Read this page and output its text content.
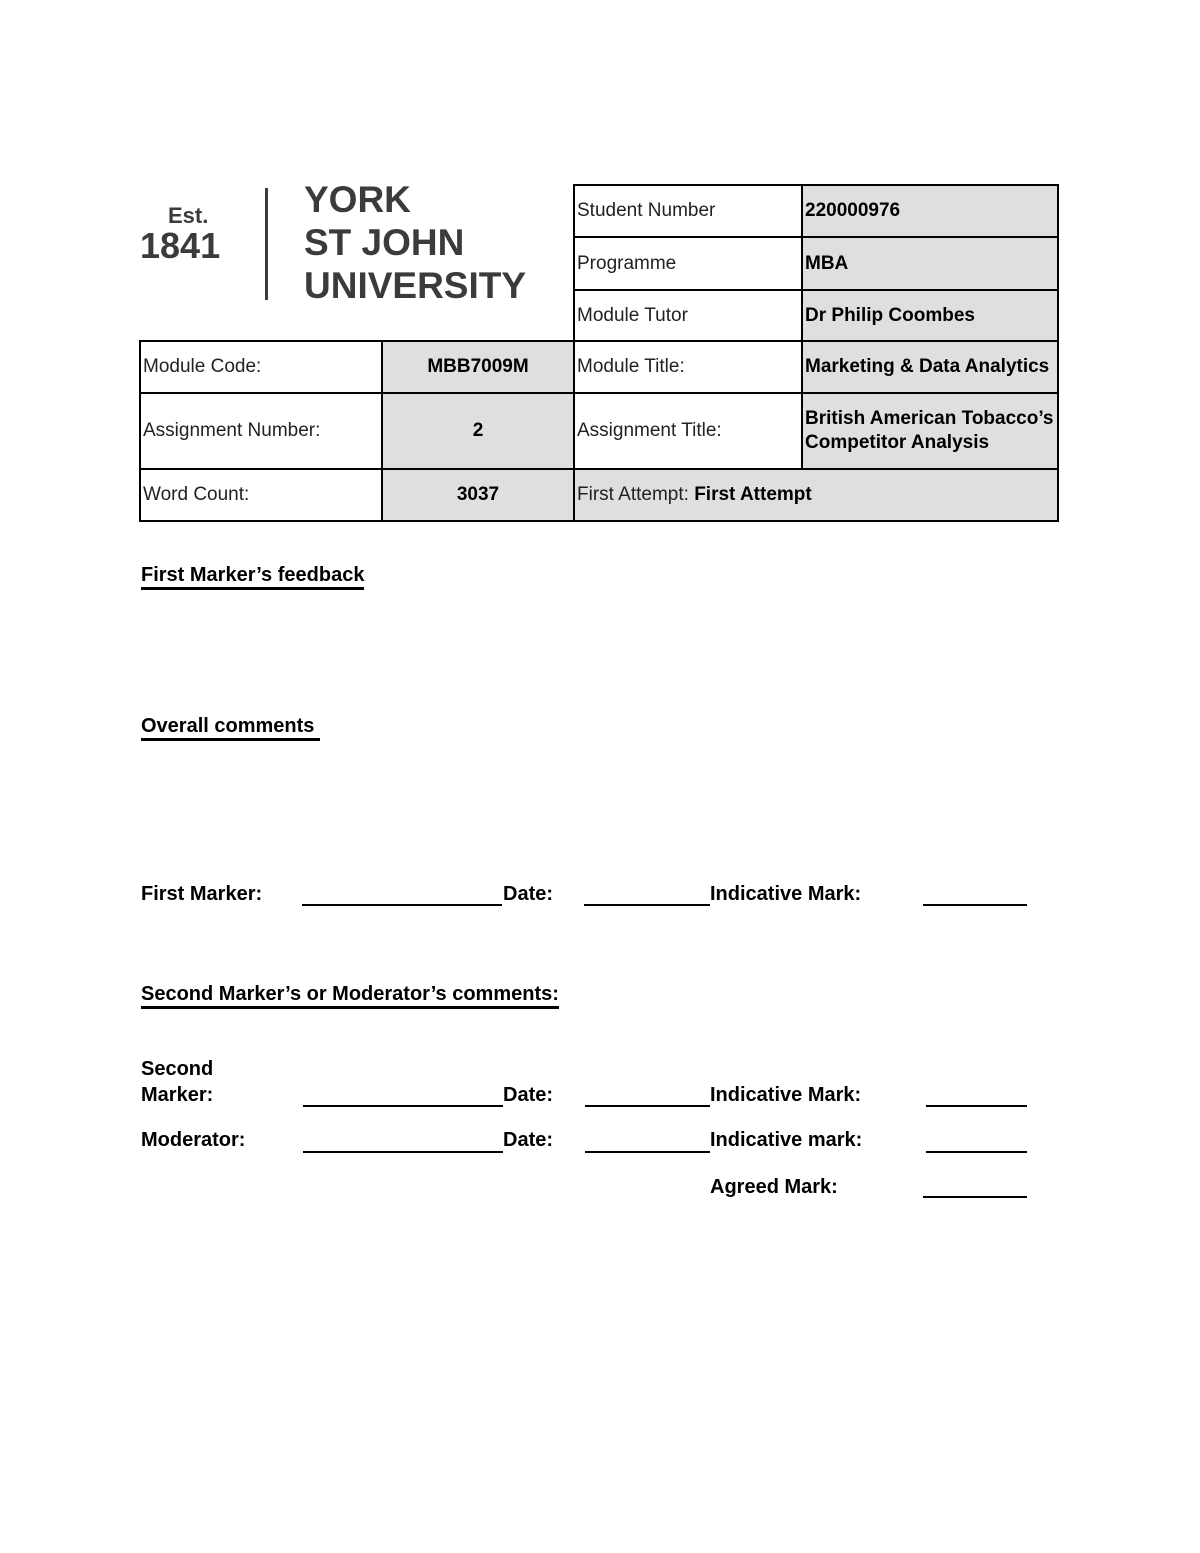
Est.
1841
YORK
ST JOHN
UNIVERSITY
Student Number	220000976
Programme	MBA
Module Tutor	Dr Philip Coombes
Module Code:	MBB7009M	Module Title:	Marketing & Data Analytics
Assignment Number:	2	Assignment Title:
British American Tobacco’s Competitor Analysis
Word Count:	3037	First Attempt:
First Attempt
First Marker’s feedback
Overall comments
First Marker:	Date:	Indicative Mark:
Second Marker’s or Moderator’s comments:
Second
Marker:	Date:	Indicative Mark:
Moderator:	Date:	Indicative mark:
Agreed Mark:
